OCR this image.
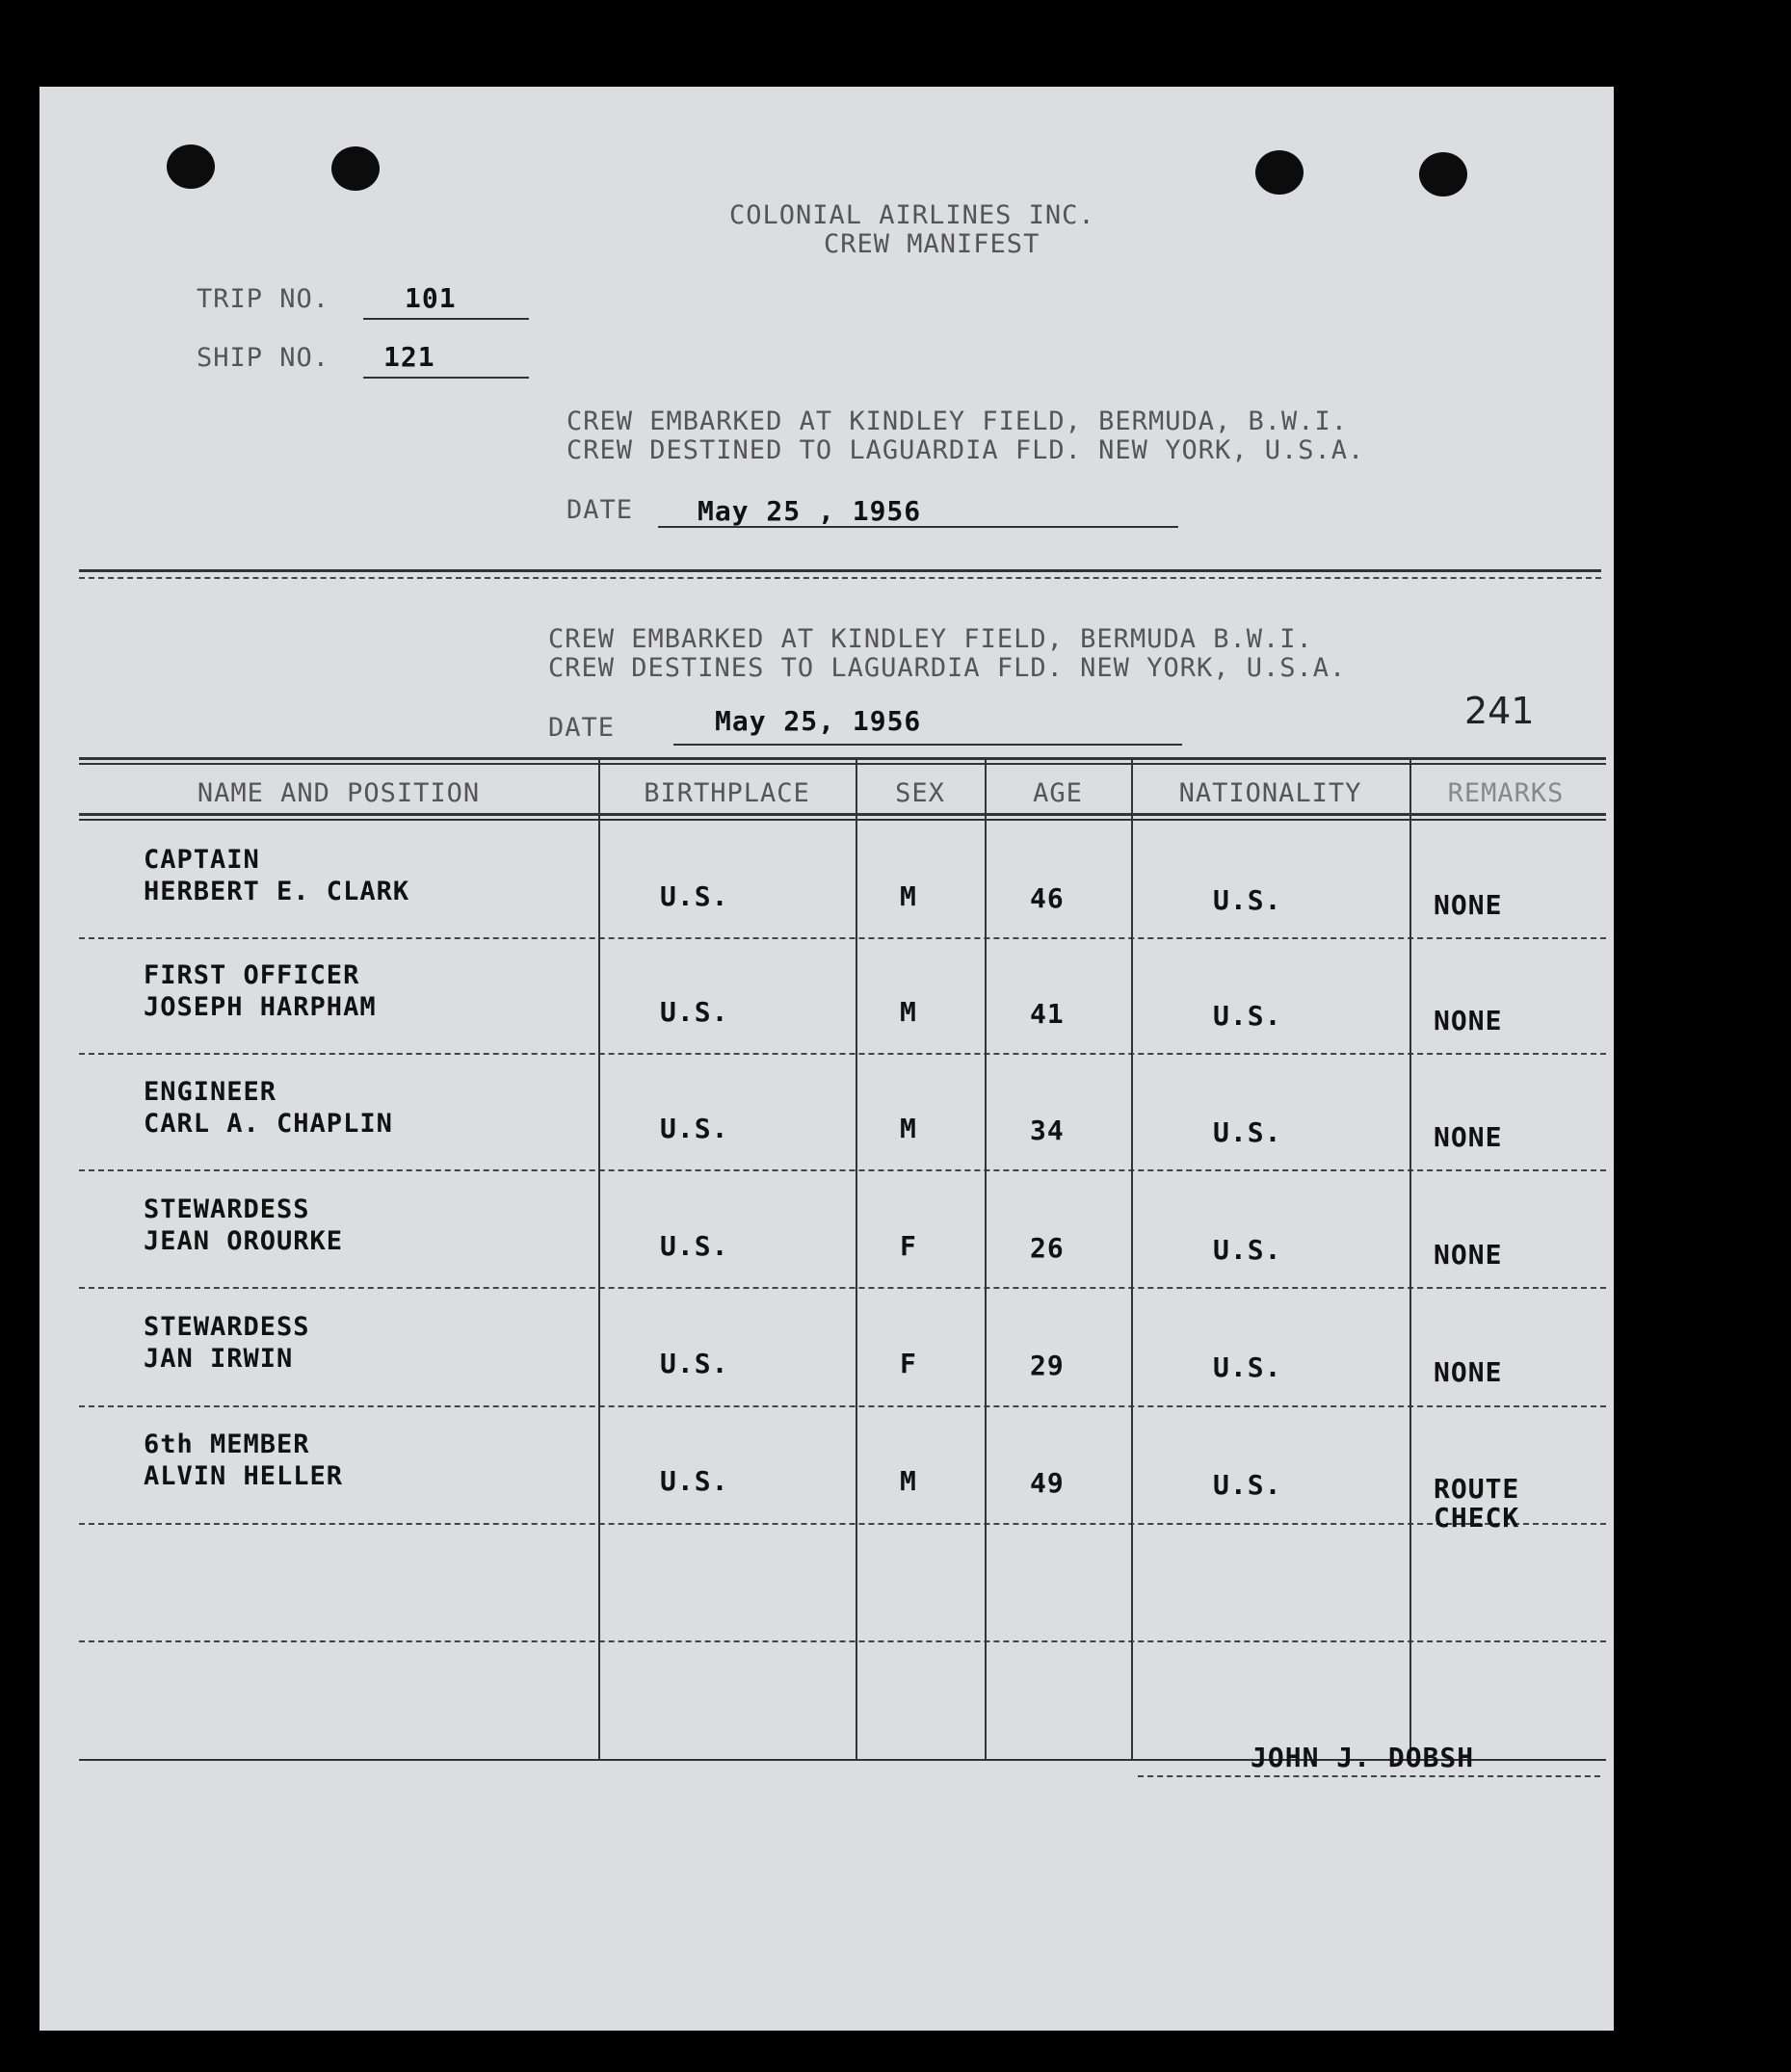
COLONIAL AIRLINES INC.
CREW MANIFEST
TRIP NO.	101
SHIP NO. 121
CREW EMBARKED AT KINDLEY FIELD, BERMUDA, B.W.I.
CREW DESTINED TO LAGUARDIA FLD. NEW YORK, U.S.A.
DATE May 25 , 1956
CREW EMBARKED AT KINDLEY FIELD, BERMUDA B.W.I.
CREW DESTINES TO LAGUARDIA FLD. NEW YORK, U.S.A.
DATE	May 25, 1956	241
NAME AND POSITION	BIRTHPLACE	SEX	AGE	NATIONALITY	REMARKS
CAPTAIN
HERBERT E. CLARK	U.S.	M	46	U.S.	NONE
FIRST OFFICER
JOSEPH HARPHAM	U.S.	M	41	U.S.	NONE
ENGINEER
CARL A. CHAPLIN	U.S.	M	34	U.S.	NONE
STEWARDESS
JEAN OROURKE	U.S.	F	26	U.S.	NONE
STEWARDESS
JAN IRWIN	U.S.	F	29	U.S.	NONE
6th MEMBER
ALVIN HELLER	U.S.	M	49	U.S.	ROUTE
CHECK
JOHN J. DOBSH
